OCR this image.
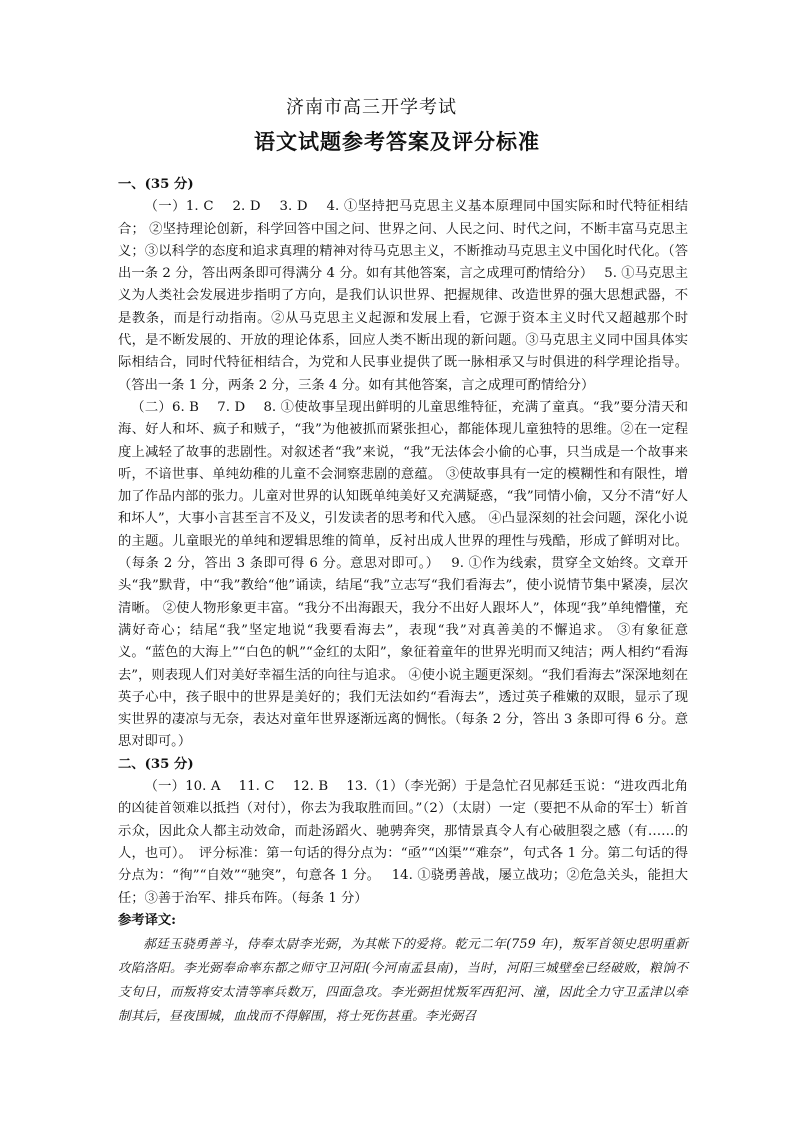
济南市高三开学考试
语文试题参考答案及评分标准

一、(35 分)

（一）1. C　 2. D　 3. D　 4. ①坚持把马克思主义基本原理同中国实际和时代特征相结合； ②坚持理论创新，科学回答中国之问、世界之问、人民之问、时代之问，不断丰富马克思主义；③以科学的态度和追求真理的精神对待马克思主义，不断推动马克思主义中国化时代化。（答出一条 2 分，答出两条即可得满分 4 分。如有其他答案，言之成理可酌情给分）　 5. ①马克思主义为人类社会发展进步指明了方向，是我们认识世界、把握规律、改造世界的强大思想武器，不是教条，而是行动指南。②从马克思主义起源和发展上看，它源于资本主义时代又超越那个时代，是不断发展的、开放的理论体系，回应人类不断出现的新问题。③马克思主义同中国具体实际相结合，同时代特征相结合，为党和人民事业提供了既一脉相承又与时俱进的科学理论指导。（答出一条 1 分，两条 2 分，三条 4 分。如有其他答案，言之成理可酌情给分）

（二）6. B　 7. D　 8. ①使故事呈现出鲜明的儿童思维特征，充满了童真。“我”要分清天和海、好人和坏、疯子和贼子，“我”为他被抓而紧张担心，都能体现儿童独特的思维。②在一定程度上减轻了故事的悲剧性。对叙述者“我”来说，“我”无法体会小偷的心事，只当成是一个故事来听，不谙世事、单纯幼稚的儿童不会洞察悲剧的意蕴。 ③使故事具有一定的模糊性和有限性，增加了作品内部的张力。儿童对世界的认知既单纯美好又充满疑惑，“我”同情小偷，又分不清“好人和坏人”，大事小言甚至言不及义，引发读者的思考和代入感。 ④凸显深刻的社会问题，深化小说的主题。儿童眼光的单纯和逻辑思维的简单，反衬出成人世界的理性与残酷，形成了鲜明对比。（每条 2 分，答出 3 条即可得 6 分。意思对即可。）　 9. ①作为线索，贯穿全文始终。文章开头“我”默背，中“我”教给“他”诵读，结尾“我”立志写“我们看海去”，使小说情节集中紧凑，层次清晰。 ②使人物形象更丰富。“我分不出海跟天，我分不出好人跟坏人”，体现“我”单纯懵懂，充满好奇心；结尾“我”坚定地说“我要看海去”，表现“我”对真善美的不懈追求。 ③有象征意义。“蓝色的大海上”“白色的帆”“金红的太阳”，象征着童年的世界光明而又纯洁；两人相约“看海去”，则表现人们对美好幸福生活的向往与追求。 ④使小说主题更深刻。“我们看海去”深深地刻在英子心中，孩子眼中的世界是美好的；我们无法如约“看海去”，透过英子稚嫩的双眼，显示了现实世界的凄凉与无奈，表达对童年世界逐渐远离的惆怅。（每条 2 分，答出 3 条即可得 6 分。意思对即可。）

二、(35 分)

（一）10. A　 11. C　 12. B　 13.（1）（李光弼）于是急忙召见郝廷玉说：“进攻西北角的凶徒首领难以抵挡（对付），你去为我取胜而回。”（2）（太尉）一定（要把不从命的军士）斩首示众，因此众人都主动效命，而赴汤蹈火、驰骋奔突，那情景真令人有心破胆裂之感（有……的人，也可）。　评分标准：第一句话的得分点为：“亟”“凶渠”“难奈”，句式各 1 分。第二句话的得分点为：“徇”“自效”“驰突”，句意各 1 分。　 14. ①骁勇善战，屡立战功；②危急关头，能担大任；③善于治军、排兵布阵。（每条 1 分）

参考译文:

郝廷玉骁勇善斗，侍奉太尉李光弼，为其帐下的爱将。乾元二年(759 年)，叛军首领史思明重新攻陷洛阳。李光弼奉命率东都之师守卫河阳(今河南孟县南)，当时，河阳三城壁垒已经破败，粮饷不支旬日，而叛将安太清等率兵数万，四面急攻。李光弼担忧叛军西犯河、潼，因此全力守卫孟津以牵制其后，昼夜围城，血战而不得解围，将士死伤甚重。李光弼召
